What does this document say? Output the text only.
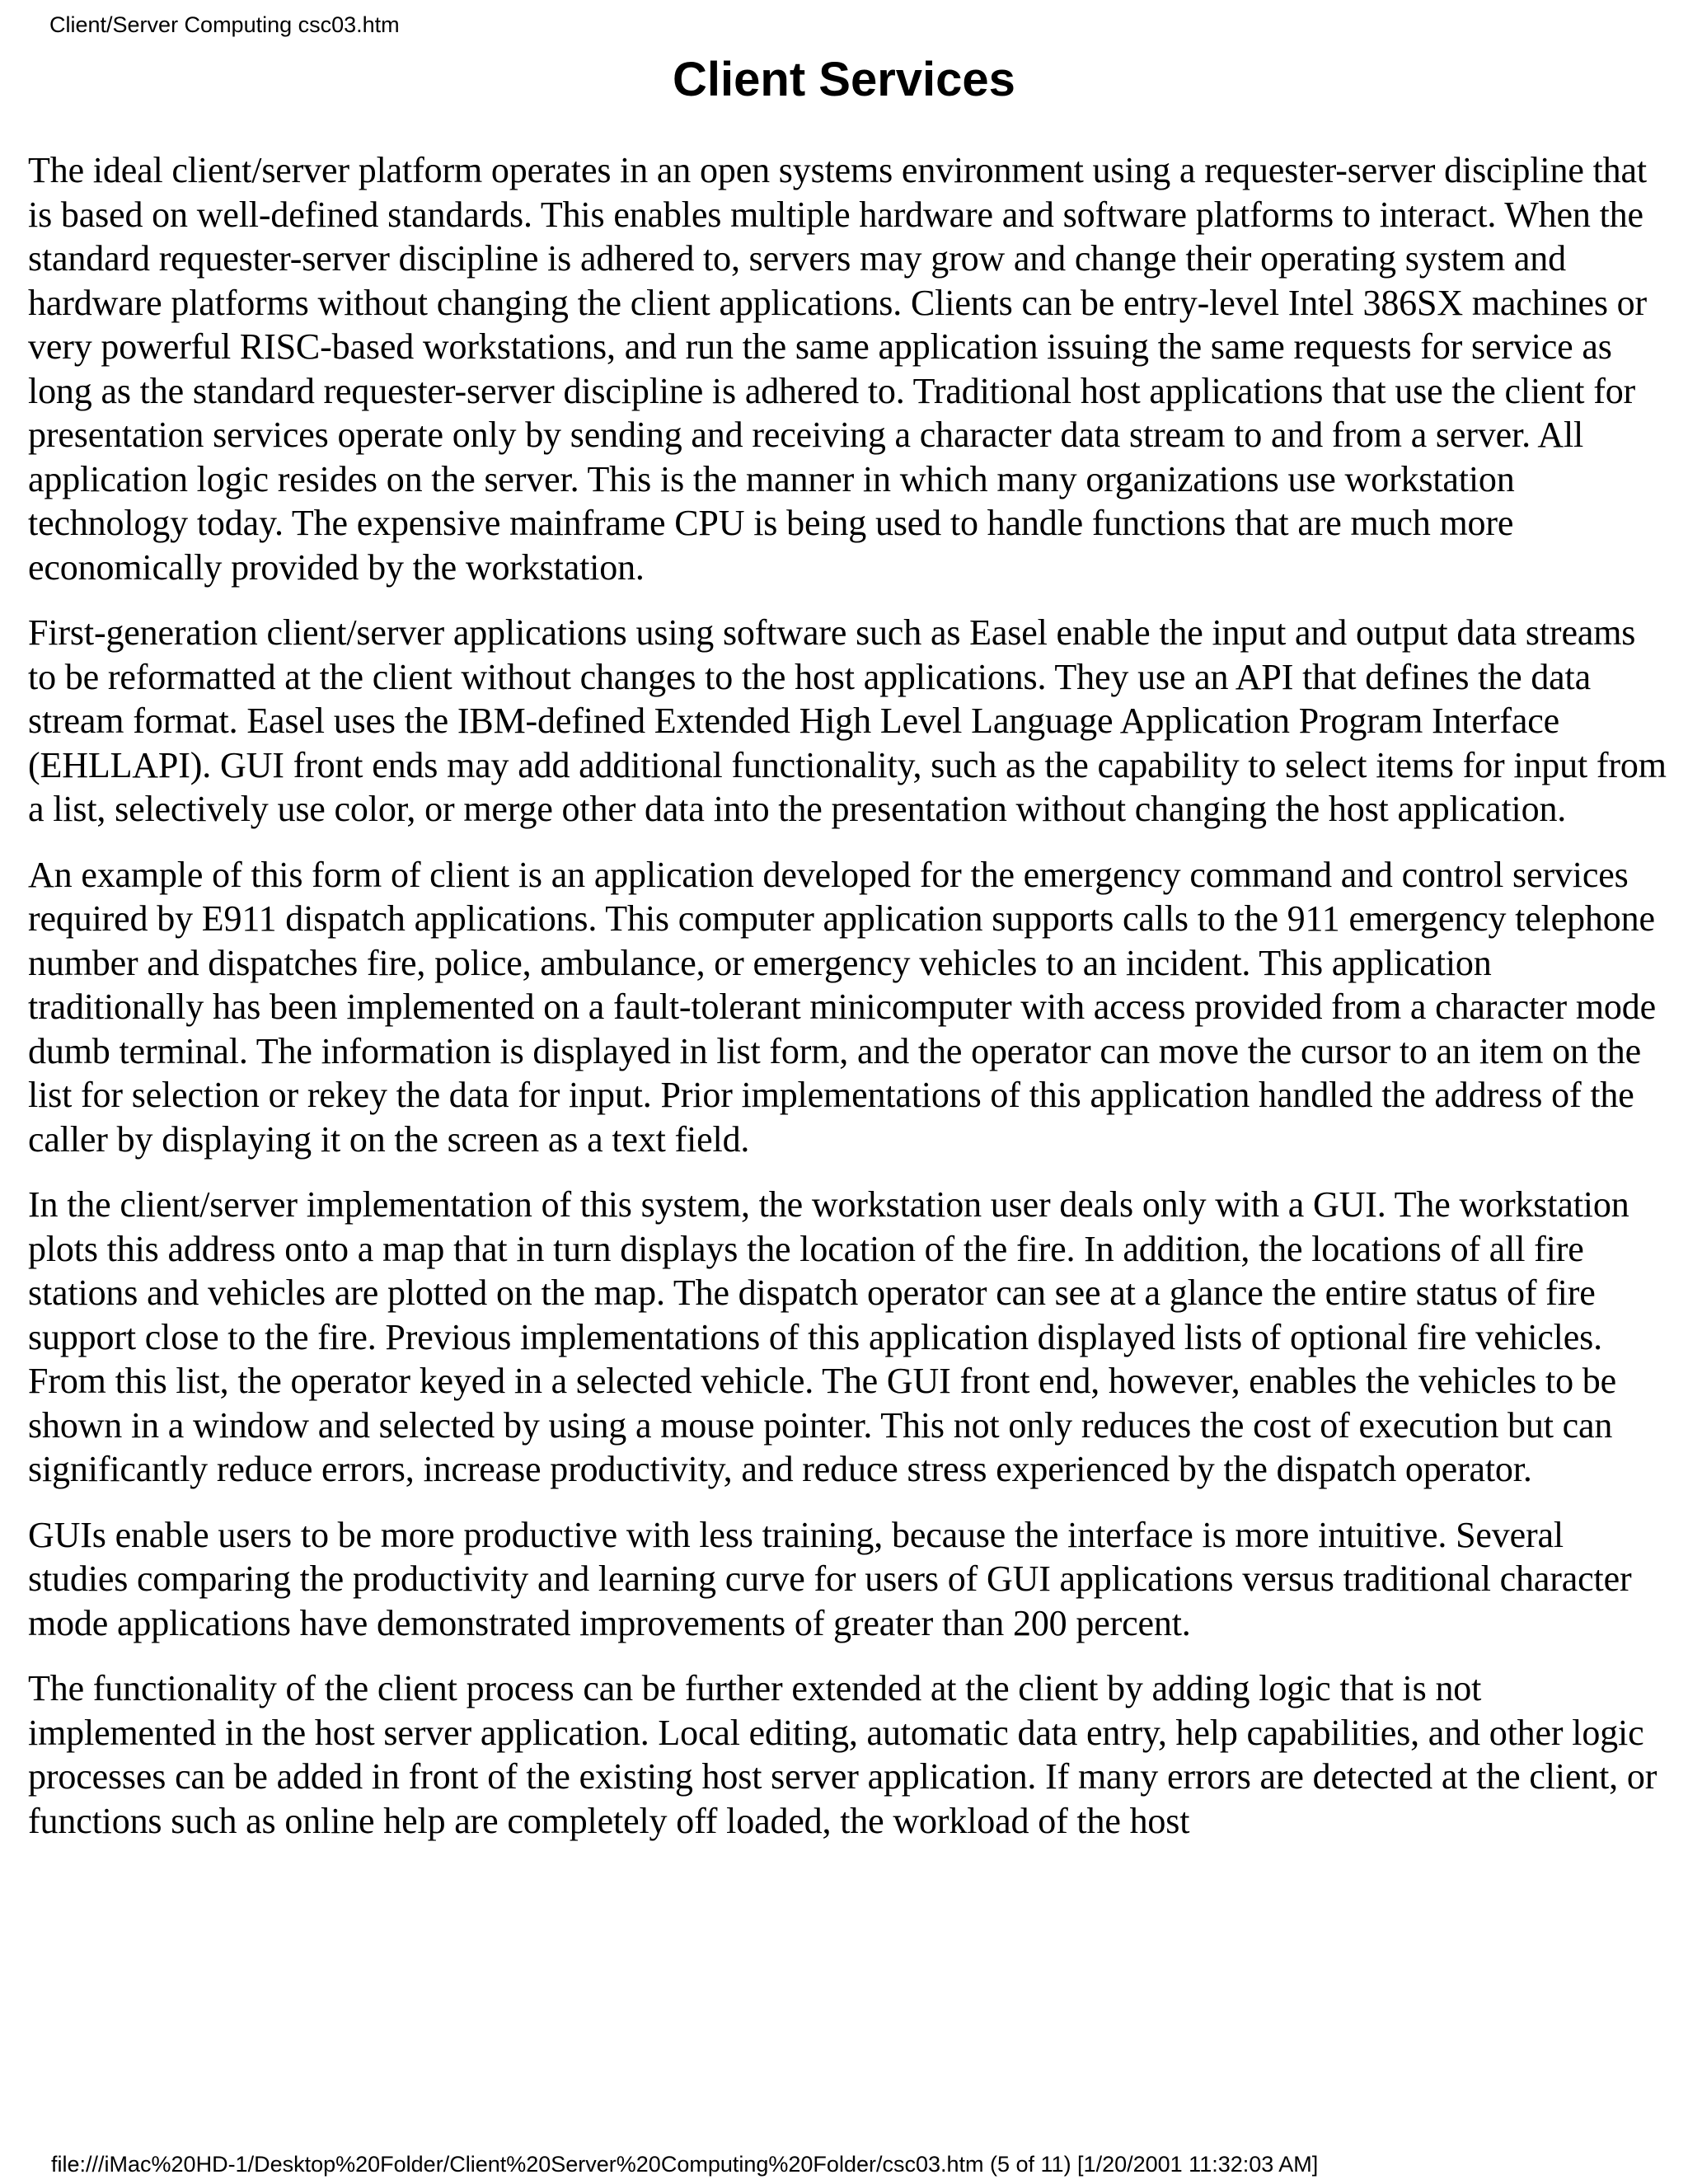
Client/Server Computing csc03.htm
Client Services

The ideal client/server platform operates in an open systems environment using a requester-server discipline that is based on well-defined standards. This enables multiple hardware and software platforms to interact. When the standard requester-server discipline is adhered to, servers may grow and change their operating system and hardware platforms without changing the client applications. Clients can be entry-level Intel 386SX machines or very powerful RISC-based workstations, and run the same application issuing the same requests for service as long as the standard requester-server discipline is adhered to. Traditional host applications that use the client for presentation services operate only by sending and receiving a character data stream to and from a server. All application logic resides on the server. This is the manner in which many organizations use workstation technology today. The expensive mainframe CPU is being used to handle functions that are much more economically provided by the workstation.

First-generation client/server applications using software such as Easel enable the input and output data streams to be reformatted at the client without changes to the host applications. They use an API that defines the data stream format. Easel uses the IBM-defined Extended High Level Language Application Program Interface (EHLLAPI). GUI front ends may add additional functionality, such as the capability to select items for input from a list, selectively use color, or merge other data into the presentation without changing the host application.

An example of this form of client is an application developed for the emergency command and control services required by E911 dispatch applications. This computer application supports calls to the 911 emergency telephone number and dispatches fire, police, ambulance, or emergency vehicles to an incident. This application traditionally has been implemented on a fault-tolerant minicomputer with access provided from a character mode dumb terminal. The information is displayed in list form, and the operator can move the cursor to an item on the list for selection or rekey the data for input. Prior implementations of this application handled the address of the caller by displaying it on the screen as a text field.

In the client/server implementation of this system, the workstation user deals only with a GUI. The workstation plots this address onto a map that in turn displays the location of the fire. In addition, the locations of all fire stations and vehicles are plotted on the map. The dispatch operator can see at a glance the entire status of fire support close to the fire. Previous implementations of this application displayed lists of optional fire vehicles. From this list, the operator keyed in a selected vehicle. The GUI front end, however, enables the vehicles to be shown in a window and selected by using a mouse pointer. This not only reduces the cost of execution but can significantly reduce errors, increase productivity, and reduce stress experienced by the dispatch operator.

GUIs enable users to be more productive with less training, because the interface is more intuitive. Several studies comparing the productivity and learning curve for users of GUI applications versus traditional character mode applications have demonstrated improvements of greater than 200 percent.

The functionality of the client process can be further extended at the client by adding logic that is not implemented in the host server application. Local editing, automatic data entry, help capabilities, and other logic processes can be added in front of the existing host server application. If many errors are detected at the client, or functions such as online help are completely off loaded, the workload of the host

file:///iMac%20HD-1/Desktop%20Folder/Client%20Server%20Computing%20Folder/csc03.htm (5 of 11) [1/20/2001 11:32:03 AM]
